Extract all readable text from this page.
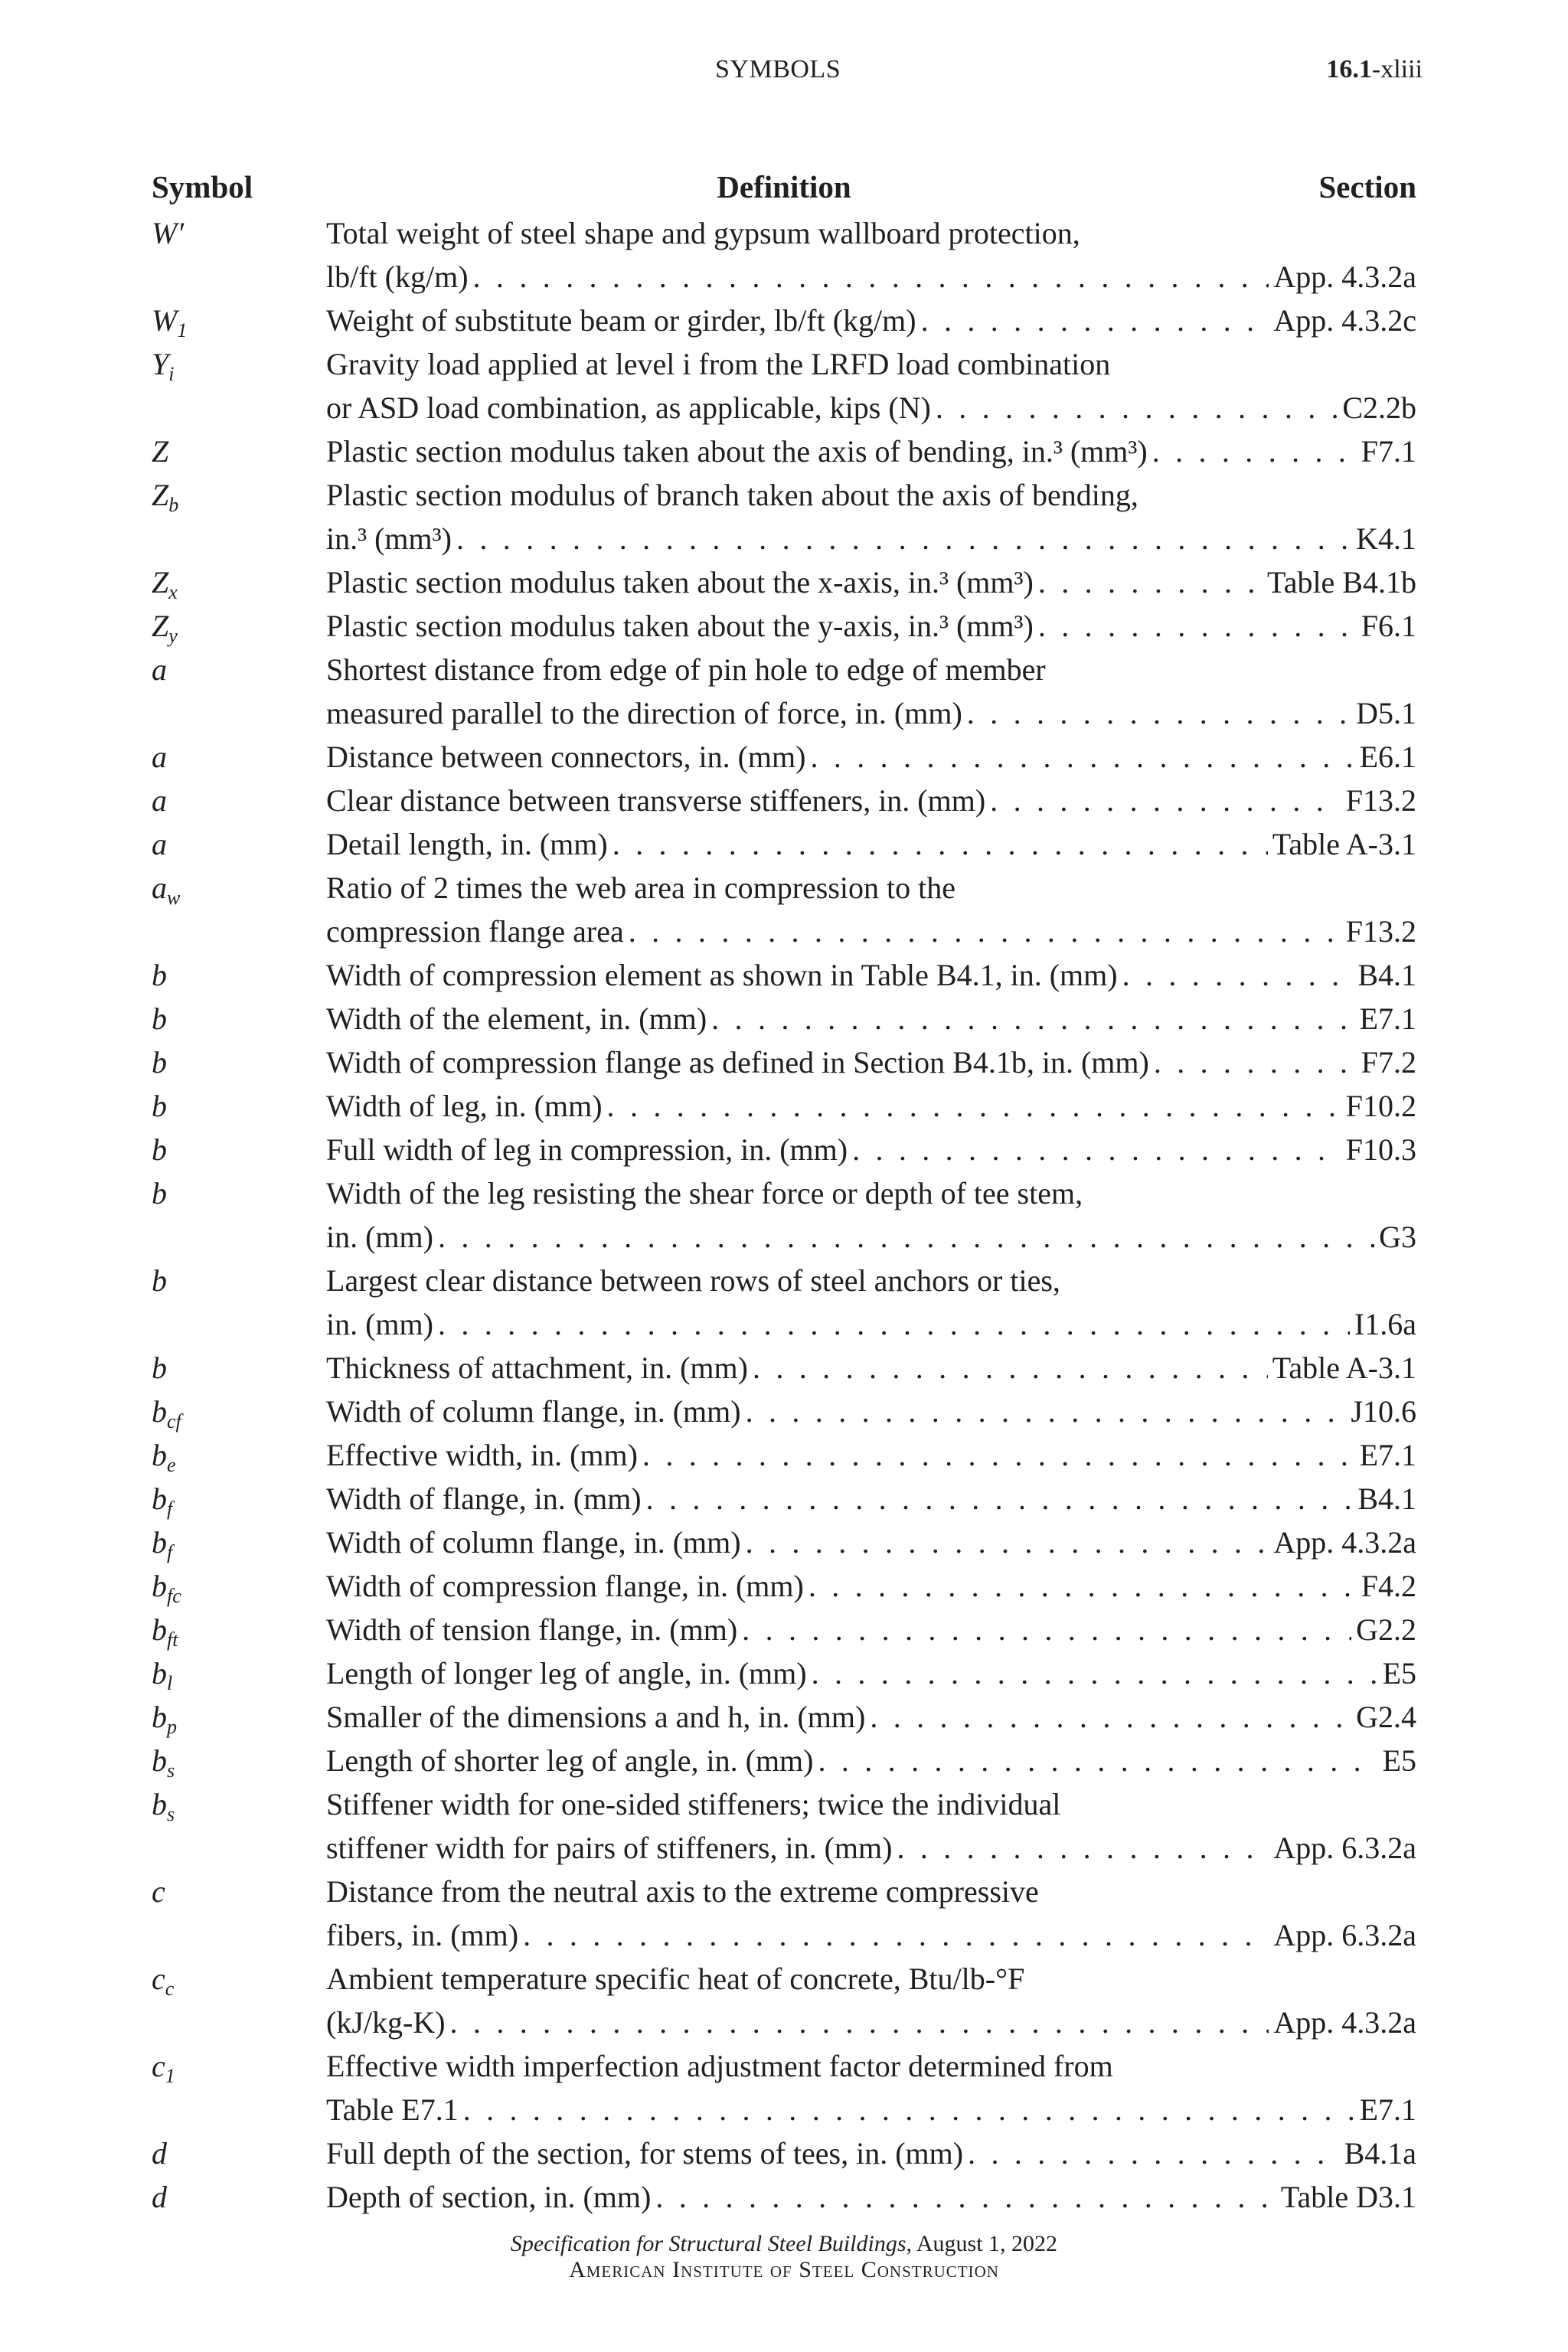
SYMBOLS	16.1-xliii
Symbol	Definition	Section
W′	Total weight of steel shape and gypsum wallboard protection,
lb/ft (kg/m) . . .	App. 4.3.2a
$W_1$	Weight of substitute beam or girder, lb/ft (kg/m) . . .	App. 4.3.2c
$Y_i$	Gravity load applied at level i from the LRFD load combination
or ASD load combination, as applicable, kips (N) . . .	C2.2b
Z	Plastic section modulus taken about the axis of bending, in.³ (mm³) . . .	F7.1
$Z_b$	Plastic section modulus of branch taken about the axis of bending,
in.³ (mm³) . . .	K4.1
$Z_x$	Plastic section modulus taken about the x-axis, in.³ (mm³) . . .	Table B4.1b
$Z_y$	Plastic section modulus taken about the y-axis, in.³ (mm³) . . .	F6.1
a	Shortest distance from edge of pin hole to edge of member
measured parallel to the direction of force, in. (mm) . . .	D5.1
a	Distance between connectors, in. (mm) . . .	E6.1
a	Clear distance between transverse stiffeners, in. (mm) . . .	F13.2
a	Detail length, in. (mm) . . .	Table A-3.1
$a_w$	Ratio of 2 times the web area in compression to the
compression flange area . . .	F13.2
b	Width of compression element as shown in Table B4.1, in. (mm) . . .	B4.1
b	Width of the element, in. (mm) . . .	E7.1
b	Width of compression flange as defined in Section B4.1b, in. (mm) . . .	F7.2
b	Width of leg, in. (mm) . . .	F10.2
b	Full width of leg in compression, in. (mm) . . .	F10.3
b	Width of the leg resisting the shear force or depth of tee stem,
in. (mm) . . .	G3
b	Largest clear distance between rows of steel anchors or ties,
in. (mm) . . .	I1.6a
b	Thickness of attachment, in. (mm) . . .	Table A-3.1
$b_{cf}$	Width of column flange, in. (mm) . . .	J10.6
$b_e$	Effective width, in. (mm) . . .	E7.1
$b_f$	Width of flange, in. (mm) . . .	B4.1
$b_f$	Width of column flange, in. (mm) . . .	App. 4.3.2a
$b_{fc}$	Width of compression flange, in. (mm) . . .	F4.2
$b_{ft}$	Width of tension flange, in. (mm) . . .	G2.2
$b_l$	Length of longer leg of angle, in. (mm) . . .	E5
$b_p$	Smaller of the dimensions a and h, in. (mm) . . .	G2.4
$b_s$	Length of shorter leg of angle, in. (mm) . . .	E5
$b_s$	Stiffener width for one-sided stiffeners; twice the individual
stiffener width for pairs of stiffeners, in. (mm) . . .	App. 6.3.2a
c	Distance from the neutral axis to the extreme compressive
fibers, in. (mm) . . .	App. 6.3.2a
$c_c$	Ambient temperature specific heat of concrete, Btu/lb-°F
(kJ/kg-K) . . .	App. 4.3.2a
$c_1$	Effective width imperfection adjustment factor determined from
Table E7.1 . . .	E7.1
d	Full depth of the section, for stems of tees, in. (mm) . . .	B4.1a
d	Depth of section, in. (mm) . . .	Table D3.1
Specification for Structural Steel Buildings, August 1, 2022
American Institute of Steel Construction
